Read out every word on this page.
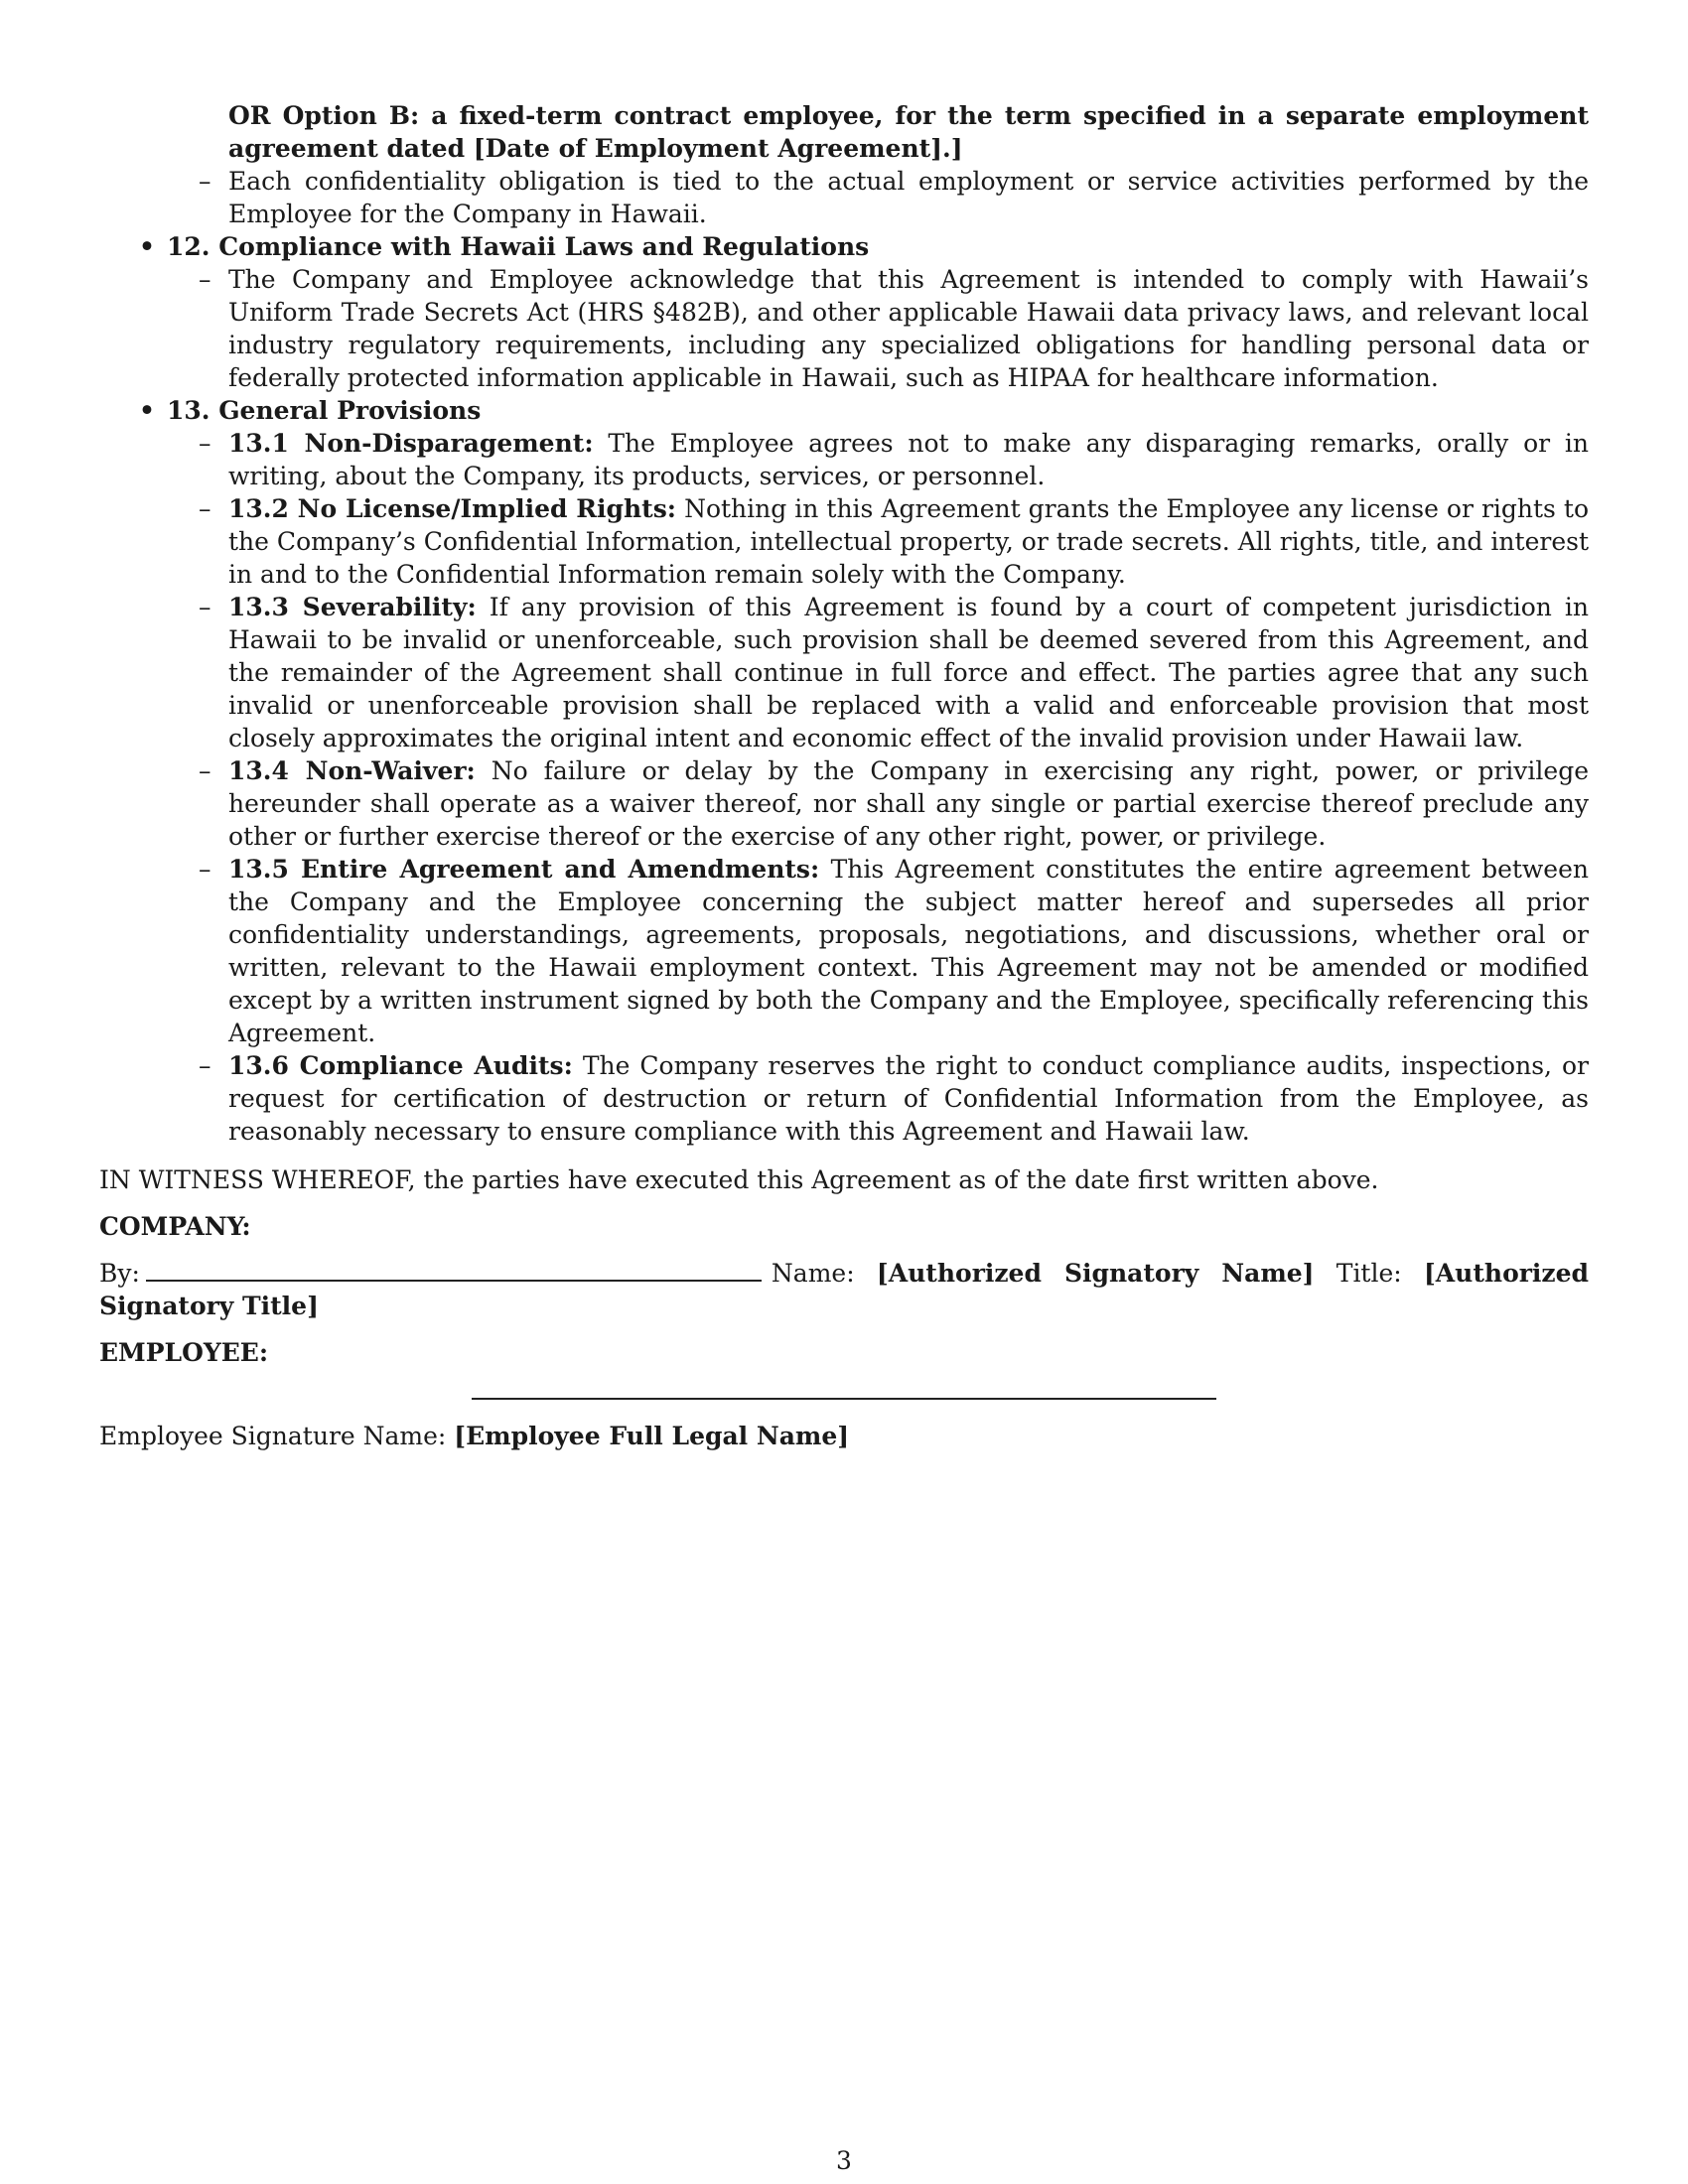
OR Option B: a fixed-term contract employee, for the term specified in a separate employment agreement dated [Date of Employment Agreement].]
– Each confidentiality obligation is tied to the actual employment or service activities performed by the Employee for the Company in Hawaii.
• 12. Compliance with Hawaii Laws and Regulations
– The Company and Employee acknowledge that this Agreement is intended to comply with Hawaii’s Uniform Trade Secrets Act (HRS §482B), and other applicable Hawaii data privacy laws, and relevant local industry regulatory requirements, including any specialized obligations for handling personal data or federally protected information applicable in Hawaii, such as HIPAA for healthcare information.
• 13. General Provisions
– 13.1 Non-Disparagement: The Employee agrees not to make any disparaging remarks, orally or in writing, about the Company, its products, services, or personnel.
– 13.2 No License/Implied Rights: Nothing in this Agreement grants the Employee any license or rights to the Company’s Confidential Information, intellectual property, or trade secrets. All rights, title, and interest in and to the Confidential Information remain solely with the Company.
– 13.3 Severability: If any provision of this Agreement is found by a court of competent jurisdiction in Hawaii to be invalid or unenforceable, such provision shall be deemed severed from this Agreement, and the remainder of the Agreement shall continue in full force and effect. The parties agree that any such invalid or unenforceable provision shall be replaced with a valid and enforceable provision that most closely approximates the original intent and economic effect of the invalid provision under Hawaii law.
– 13.4 Non-Waiver: No failure or delay by the Company in exercising any right, power, or privilege hereunder shall operate as a waiver thereof, nor shall any single or partial exercise thereof preclude any other or further exercise thereof or the exercise of any other right, power, or privilege.
– 13.5 Entire Agreement and Amendments: This Agreement constitutes the entire agreement between the Company and the Employee concerning the subject matter hereof and supersedes all prior confidentiality understandings, agreements, proposals, negotiations, and discussions, whether oral or written, relevant to the Hawaii employment context. This Agreement may not be amended or modified except by a written instrument signed by both the Company and the Employee, specifically referencing this Agreement.
– 13.6 Compliance Audits: The Company reserves the right to conduct compliance audits, inspections, or request for certification of destruction or return of Confidential Information from the Employee, as reasonably necessary to ensure compliance with this Agreement and Hawaii law.
IN WITNESS WHEREOF, the parties have executed this Agreement as of the date first written above.
COMPANY:
By:	Name: [Authorized Signatory Name] Title: [Authorized Signatory Title]
EMPLOYEE:
Employee Signature Name: [Employee Full Legal Name]
3
